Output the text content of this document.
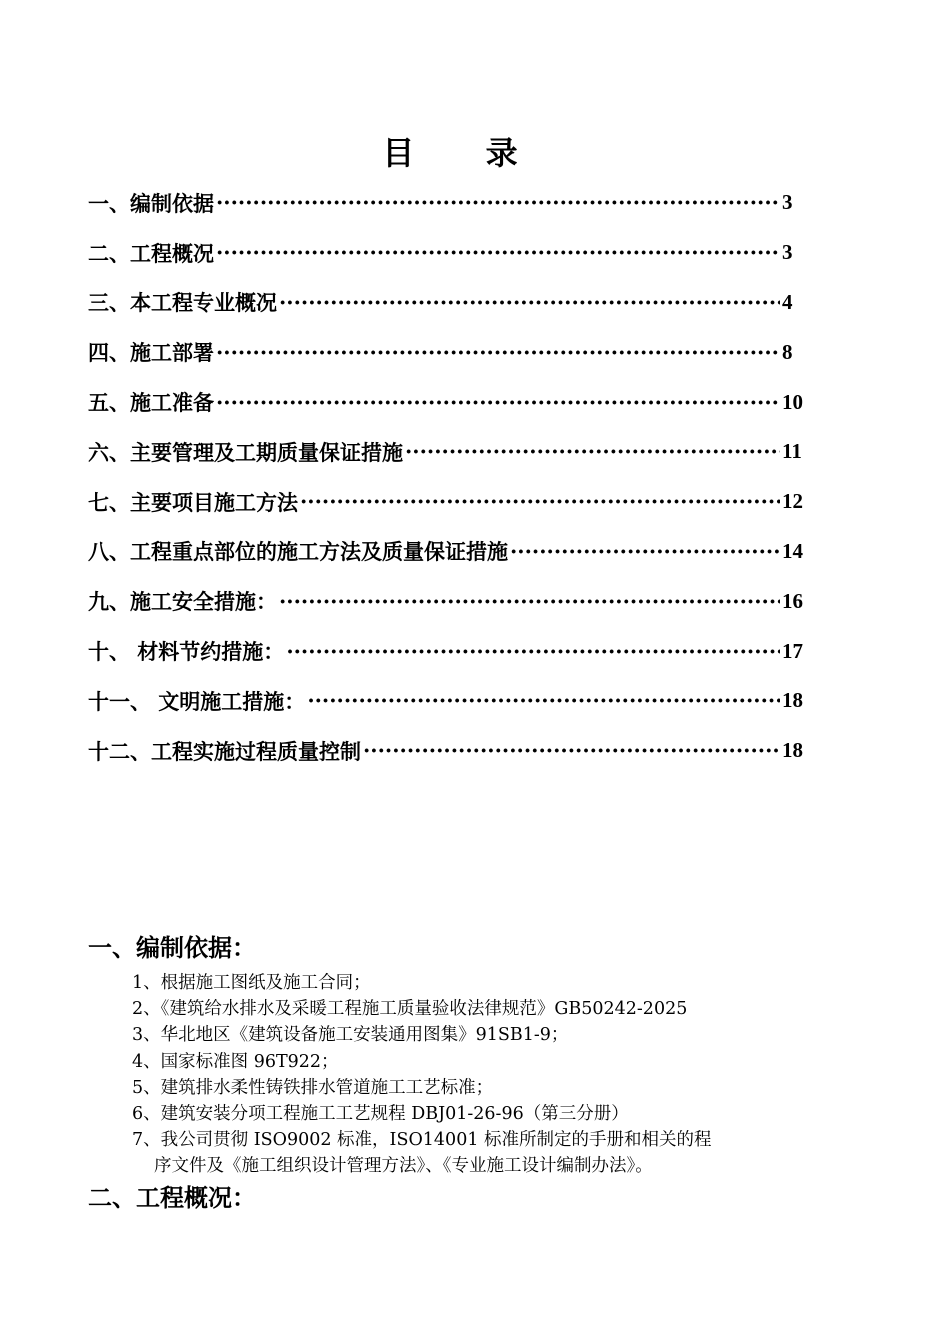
目 录
一、编制依据 ·····	3
二、工程概况 ·····	3
三、本工程专业概况 ·····	4
四、施工部署 ·····	8
五、施工准备 ·····	10
六、主要管理及工期质量保证措施 ·····	11
七、主要项目施工方法 ·····	12
八、工程重点部位的施工方法及质量保证措施 ·····	14
九、施工安全措施： ·····	16
十、 材料节约措施： ·····	17
十一、 文明施工措施： ·····	18
十二、工程实施过程质量控制 ·····	18
一、编制依据：
1、根据施工图纸及施工合同；
2、《建筑给水排水及采暖工程施工质量验收法律规范》GB50242-2025
3、华北地区《建筑设备施工安装通用图集》91SB1-9；
4、国家标准图 96T922；
5、建筑排水柔性铸铁排水管道施工工艺标准；
6、建筑安装分项工程施工工艺规程 DBJ01-26-96（第三分册）
7、我公司贯彻 ISO9002 标准，ISO14001 标准所制定的手册和相关的程
序文件及《施工组织设计管理方法》、《专业施工设计编制办法》。
二、工程概况：
